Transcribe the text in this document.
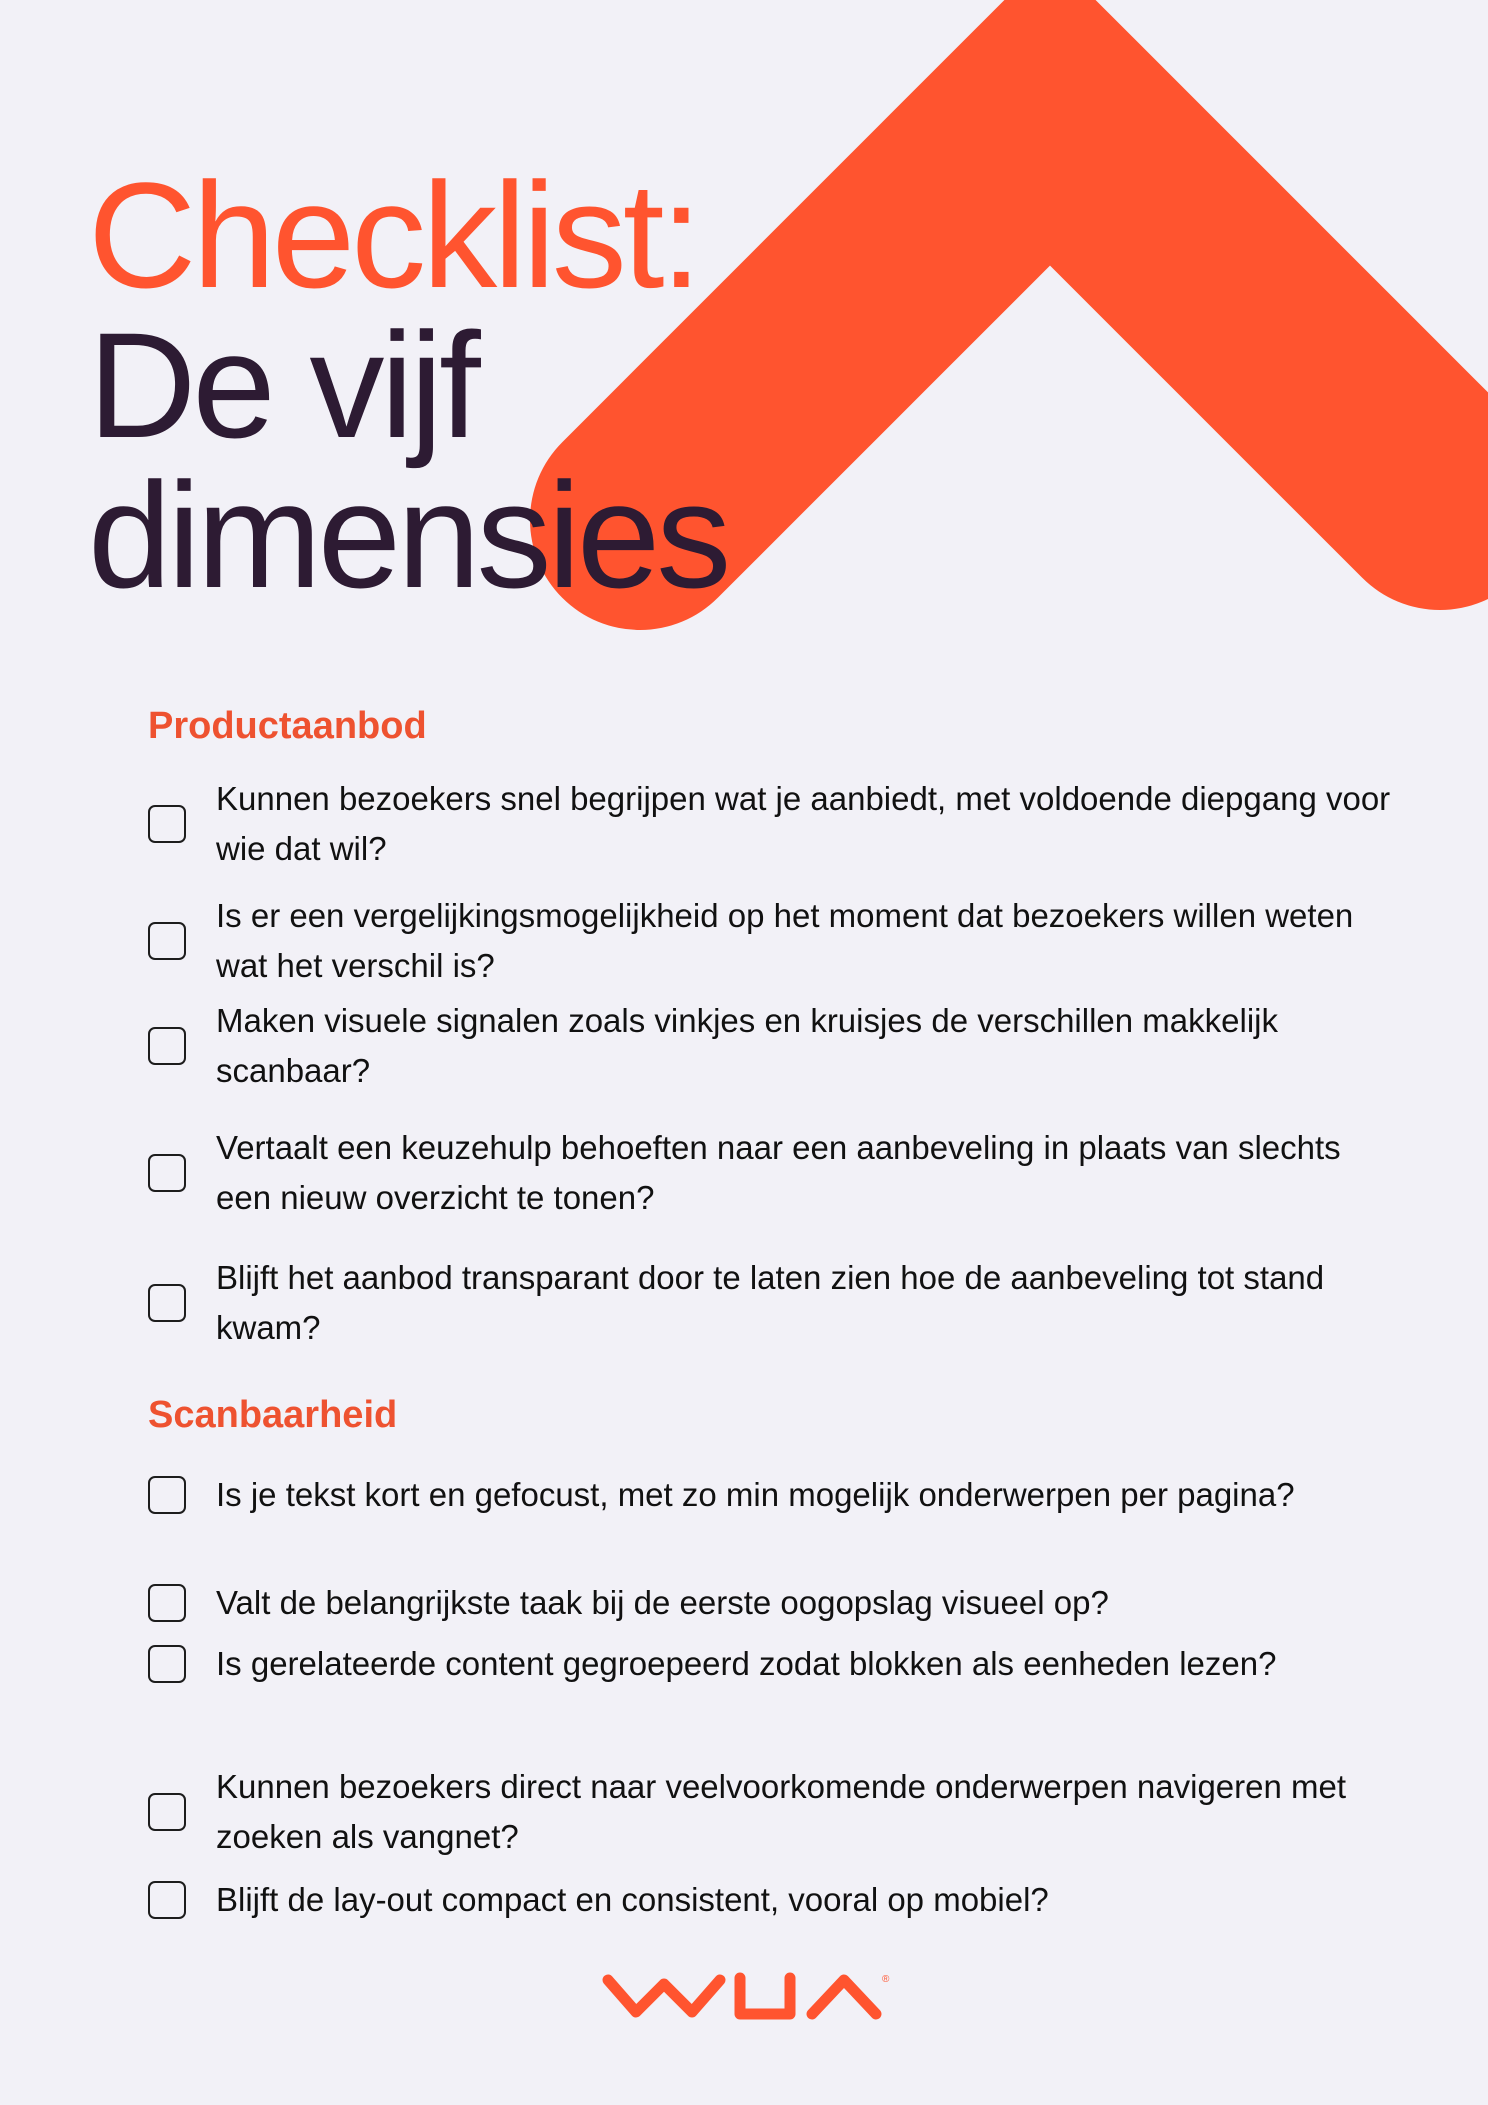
Checklist:
De vijf
dimensies
Productaanbod
Kunnen bezoekers snel begrijpen wat je aanbiedt, met voldoende diepgang voor wie dat wil?
Is er een vergelijkingsmogelijkheid op het moment dat bezoekers willen weten wat het verschil is?
Maken visuele signalen zoals vinkjes en kruisjes de verschillen makkelijk scanbaar?
Vertaalt een keuzehulp behoeften naar een aanbeveling in plaats van slechts een nieuw overzicht te tonen?
Blijft het aanbod transparant door te laten zien hoe de aanbeveling tot stand kwam?
Scanbaarheid
Is je tekst kort en gefocust, met zo min mogelijk onderwerpen per pagina?
Valt de belangrijkste taak bij de eerste oogopslag visueel op?
Is gerelateerde content gegroepeerd zodat blokken als eenheden lezen?
Kunnen bezoekers direct naar veelvoorkomende onderwerpen navigeren met zoeken als vangnet?
Blijft de lay-out compact en consistent, vooral op mobiel?
®
